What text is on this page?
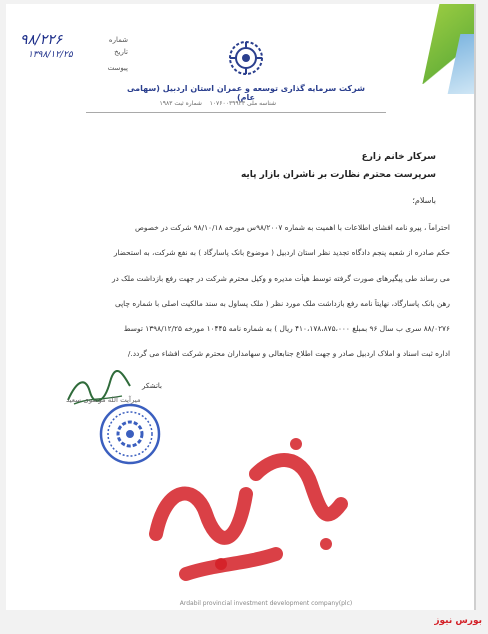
۹۸/۲۲۶	شماره
۱۳۹۸/۱۲/۲۵	تاریخ
پیوست

شرکت سرمایه گذاری توسعه و عمران استان اردبیل (سهامی عام)

شناسه ملی ۱۰۷۶۰۰۳۹۹۴۳    شماره ثبت ۱۹۸۳

سرکار خانم زارع

سرپرست محترم نظارت بر ناشران بازار پایه

باسلام؛
احتراماً ، پیرو نامه افشای اطلاعات با اهمیت به شماره ۹۸/۲۰۰۷س مورخه ۹۸/۱۰/۱۸ شرکت در خصوص
حکم صادره از شعبه پنجم دادگاه تجدید نظر استان اردبیل ( موضوع بانک پاسارگاد ) به نفع شرکت، به استحضار
می رساند طی پیگیرهای صورت گرفته توسط هیأت مدیره و وکیل محترم شرکت در جهت رفع بازداشت ملک در
رهن بانک پاسارگاد، نهایتاً نامه رفع بازداشت ملک مورد نظر ( ملک پساول به سند مالکیت اصلی با شماره چاپی
۸۸/۰۲۷۶ سری ب سال ۹۶ بمبلغ ۴۱۰،۱۷۸،۸۷۵،۰۰۰ ریال ) به شماره نامه ۱۰۴۴۵ مورخه ۱۳۹۸/۱۲/۲۵ توسط
اداره ثبت اسناد و املاک اردبیل صادر و جهت اطلاع جنابعالی و سهامداران محترم شرکت افشاء می گردد./
باتشکر
میرآیت الله موسوی سعید
Ardabil provincial investment development company(plc)
بورس نیوز
